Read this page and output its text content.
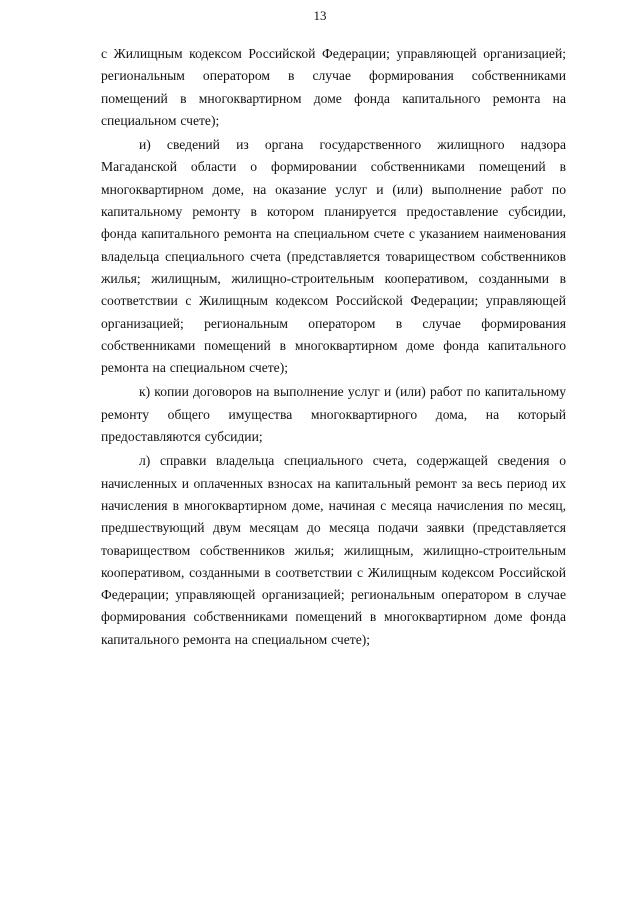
13

с Жилищным кодексом Российской Федерации; управляющей организацией; региональным оператором в случае формирования собственниками помещений в многоквартирном доме фонда капитального ремонта на специальном счете);

и) сведений из органа государственного жилищного надзора Магаданской области о формировании собственниками помещений в многоквартирном доме, на оказание услуг и (или) выполнение работ по капитальному ремонту в котором планируется предоставление субсидии, фонда капитального ремонта на специальном счете с указанием наименования владельца специального счета (представляется товариществом собственников жилья; жилищным, жилищно-строительным кооперативом, созданными в соответствии с Жилищным кодексом Российской Федерации; управляющей организацией; региональным оператором в случае формирования собственниками помещений в многоквартирном доме фонда капитального ремонта на специальном счете);

к) копии договоров на выполнение услуг и (или) работ по капитальному ремонту общего имущества многоквартирного дома, на который предоставляются субсидии;

л) справки владельца специального счета, содержащей сведения о начисленных и оплаченных взносах на капитальный ремонт за весь период их начисления в многоквартирном доме, начиная с месяца начисления по месяц, предшествующий двум месяцам до месяца подачи заявки (представляется товариществом собственников жилья; жилищным, жилищно-строительным кооперативом, созданными в соответствии с Жилищным кодексом Российской Федерации; управляющей организацией; региональным оператором в случае формирования собственниками помещений в многоквартирном доме фонда капитального ремонта на специальном счете);
